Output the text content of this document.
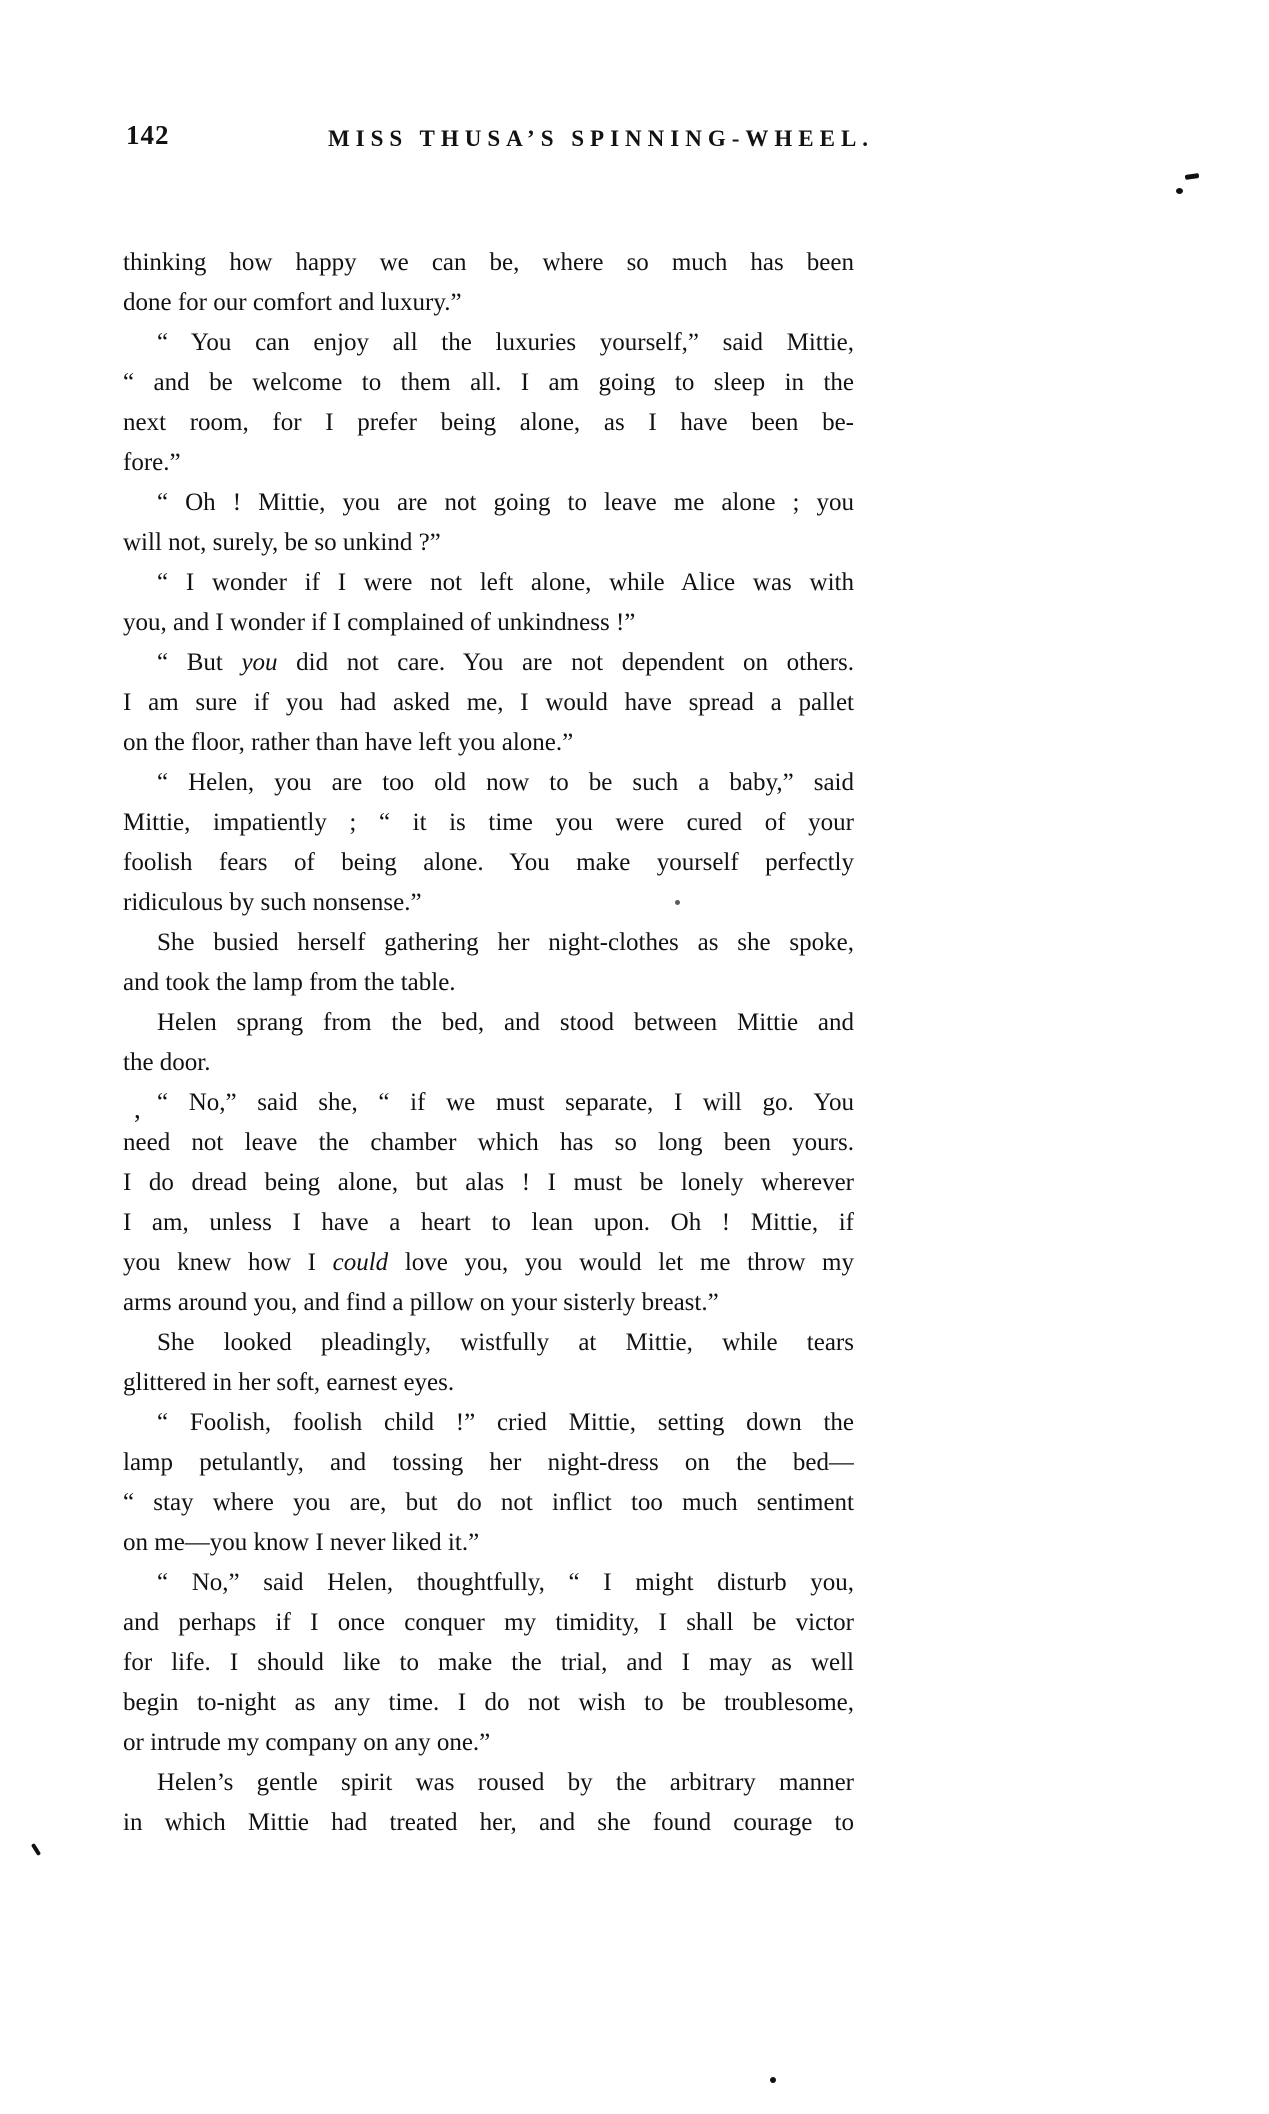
142	MISS THUSA’S SPINNING-WHEEL.
thinking how happy we can be, where so much has been
done for our comfort and luxury.”
“ You can enjoy all the luxuries yourself,” said Mittie,
“ and be welcome to them all. I am going to sleep in the
next room, for I prefer being alone, as I have been be-
fore.”
“ Oh ! Mittie, you are not going to leave me alone ; you
will not, surely, be so unkind ?”
“ I wonder if I were not left alone, while Alice was with
you, and I wonder if I complained of unkindness !”
“ But you did not care. You are not dependent on others.
I am sure if you had asked me, I would have spread a pallet
on the floor, rather than have left you alone.”
“ Helen, you are too old now to be such a baby,” said
Mittie, impatiently ; “ it is time you were cured of your
foolish fears of being alone. You make yourself perfectly
ridiculous by such nonsense.”
She busied herself gathering her night-clothes as she spoke,
and took the lamp from the table.
Helen sprang from the bed, and stood between Mittie and
the door.
“ No,” said she, “ if we must separate, I will go. You
need not leave the chamber which has so long been yours.
I do dread being alone, but alas ! I must be lonely wherever
I am, unless I have a heart to lean upon. Oh ! Mittie, if
you knew how I could love you, you would let me throw my
arms around you, and find a pillow on your sisterly breast.”
She looked pleadingly, wistfully at Mittie, while tears
glittered in her soft, earnest eyes.
“ Foolish, foolish child !” cried Mittie, setting down the
lamp petulantly, and tossing her night-dress on the bed—
“ stay where you are, but do not inflict too much sentiment
on me—you know I never liked it.”
“ No,” said Helen, thoughtfully, “ I might disturb you,
and perhaps if I once conquer my timidity, I shall be victor
for life. I should like to make the trial, and I may as well
begin to-night as any time. I do not wish to be troublesome,
or intrude my company on any one.”
Helen’s gentle spirit was roused by the arbitrary manner
in which Mittie had treated her, and she found courage to
,
